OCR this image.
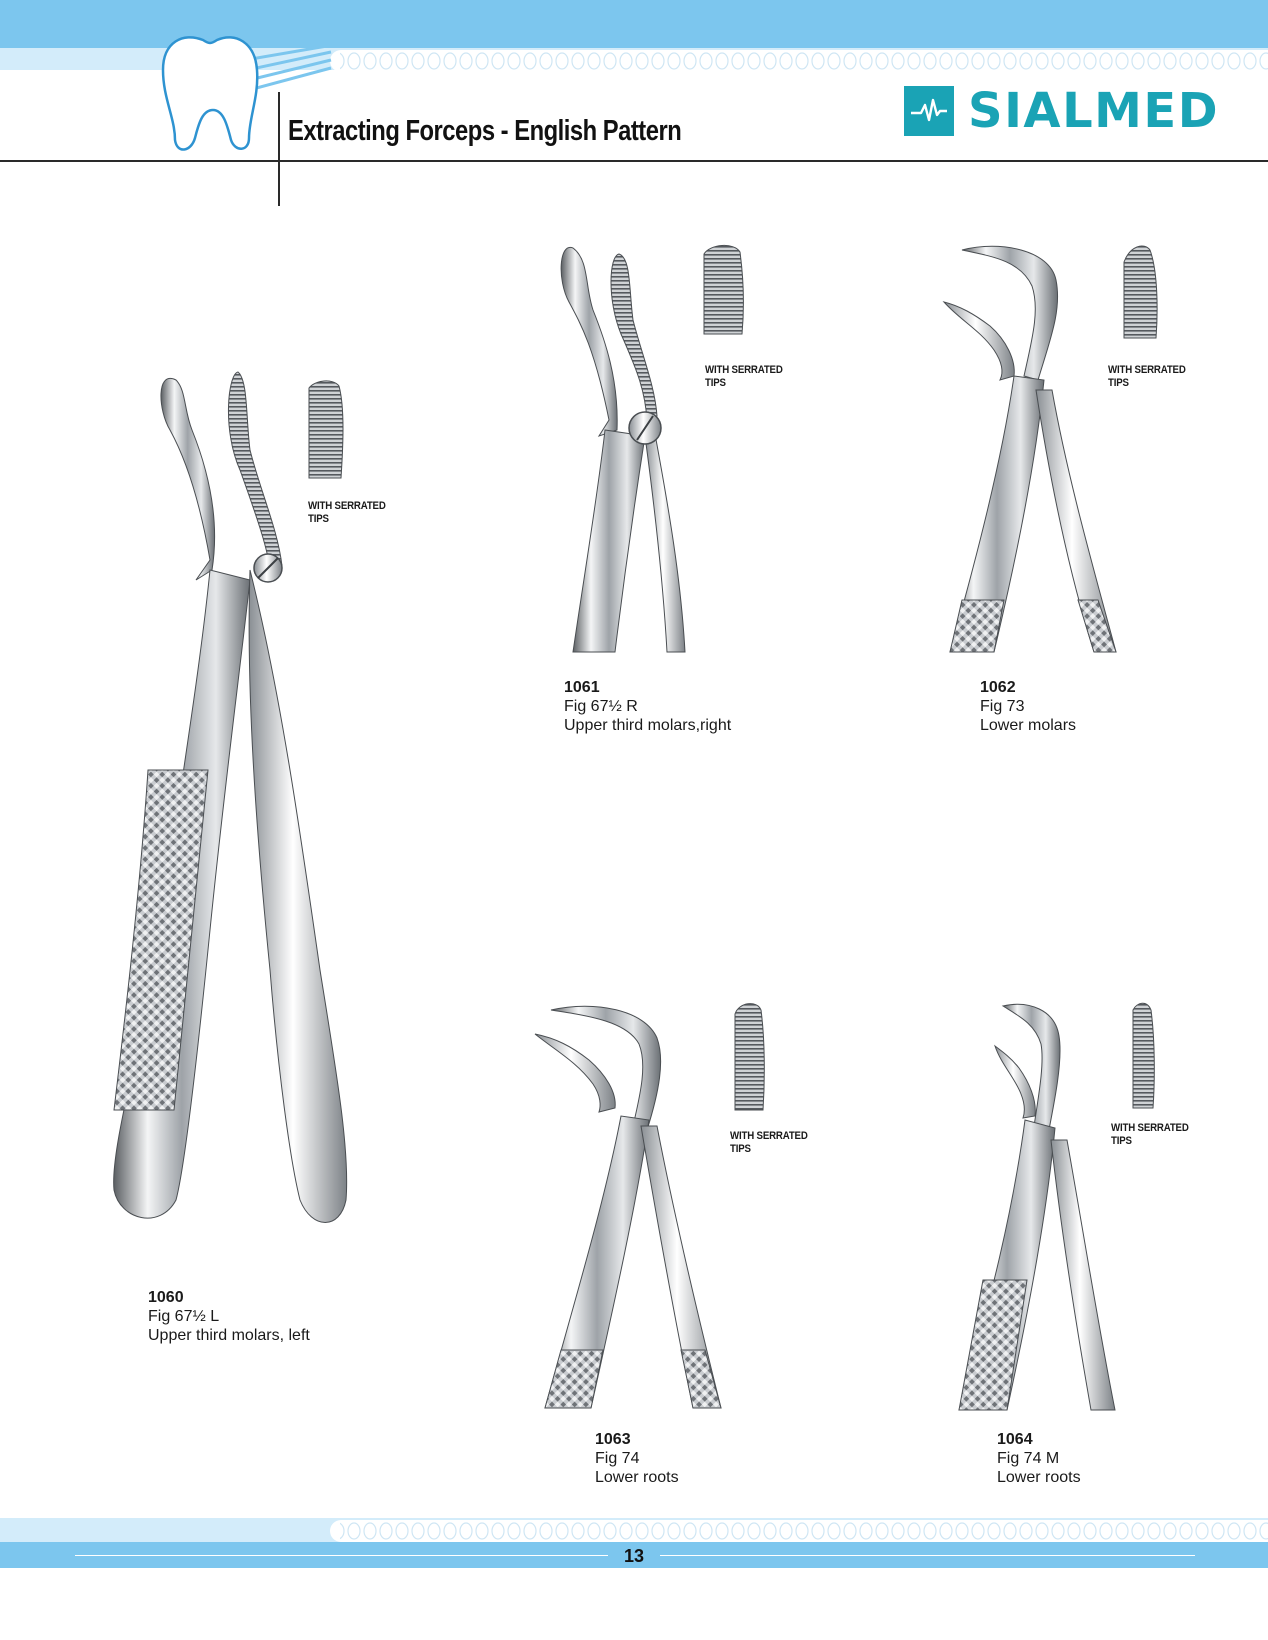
Extracting Forceps - English Pattern	SIALMED
WITH SERRATED
TIPS
1060
Fig 67½ L
Upper third molars, left
WITH SERRATED
TIPS
1061
Fig 67½ R
Upper third molars,right
WITH SERRATED
TIPS
1062
Fig 73
Lower molars
WITH SERRATED
TIPS
1063
Fig 74
Lower roots
WITH SERRATED
TIPS
1064
Fig 74 M
Lower roots
13
